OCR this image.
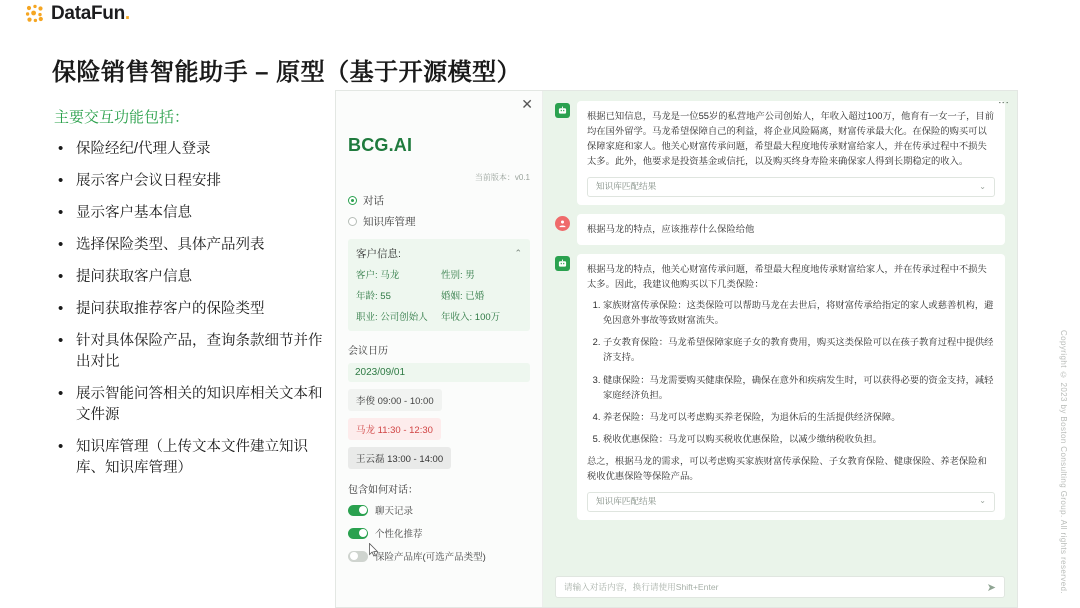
DataFun.
保险销售智能助手 – 原型（基于开源模型）
主要交互功能包括：
• 保险经纪/代理人登录
• 展示客户会议日程安排
• 显示客户基本信息
• 选择保险类型、具体产品列表
• 提问获取客户信息
• 提问获取推荐客户的保险类型
• 针对具体保险产品，查询条款细节并作出对比
• 展示智能问答相关的知识库相关文本和文件源
• 知识库管理（上传文本文件建立知识库、知识库管理）
✕
BCG.AI
当前版本：v0.1
对话
知识库管理
客户信息:	⌃
客户: 马龙	性别: 男
年龄: 55	婚姻: 已婚
职业: 公司创始人	年收入: 100万
会议日历
2023/09/01
李俊 09:00 - 10:00
马龙 11:30 - 12:30
王云磊 13:00 - 14:00
包含如何对话：
聊天记录
个性化推荐
保险产品库(可选产品类型)
⋮

根据已知信息，马龙是一位55岁的私营地产公司创始人，年收入超过100万，他育有一女一子，目前均在国外留学。马龙希望保障自己的利益，将企业风险隔离，财富传承最大化。在保险的购买可以保障家庭和家人。他关心财富传承问题，希望最大程度地传承财富给家人，并在传承过程中不损失太多。此外，他要求是投资基金或信托，以及购买终身寿险来确保家人得到长期稳定的收入。

知识库匹配结果	⌄

根据马龙的特点，应该推荐什么保险给他

根据马龙的特点，他关心财富传承问题，希望最大程度地传承财富给家人，并在传承过程中不损失太多。因此，我建议他购买以下几类保险：

1. 家族财富传承保险：这类保险可以帮助马龙在去世后，将财富传承给指定的家人或慈善机构，避免因意外事故等致财富流失。
2. 子女教育保险：马龙希望保障家庭子女的教育费用，购买这类保险可以在孩子教育过程中提供经济支持。
3. 健康保险：马龙需要购买健康保险，确保在意外和疾病发生时，可以获得必要的资金支持，减轻家庭经济负担。
4. 养老保险：马龙可以考虑购买养老保险，为退休后的生活提供经济保障。
5. 税收优惠保险：马龙可以购买税收优惠保险，以减少缴纳税收负担。

总之，根据马龙的需求，可以考虑购买家族财富传承保险、子女教育保险、健康保险、养老保险和税收优惠保险等保险产品。

知识库匹配结果	⌄
请输入对话内容，换行请使用Shift+Enter	➤	Copyright © 2023 by Boston Consulting Group. All rights reserved.
